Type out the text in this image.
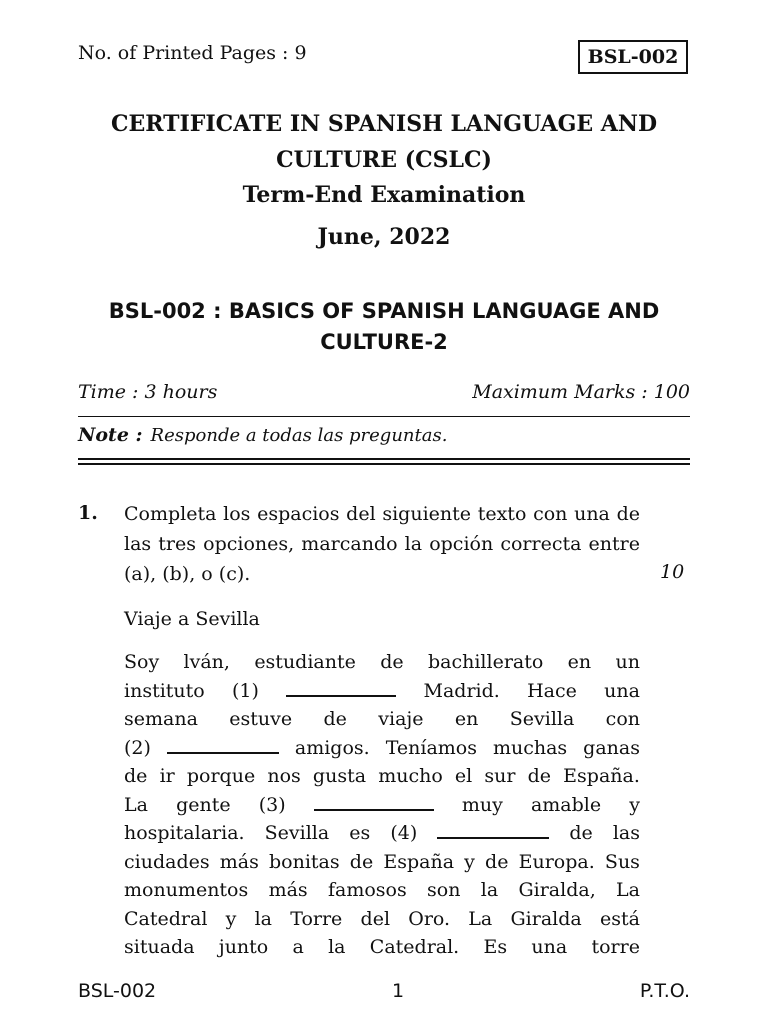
No. of Printed Pages : 9	BSL-002
CERTIFICATE IN SPANISH LANGUAGE AND CULTURE (CSLC)
Term-End Examination
June, 2022
BSL-002 : BASICS OF SPANISH LANGUAGE AND CULTURE-2
Time : 3 hours	Maximum Marks : 100
Note : Responde a todas las preguntas.
1. Completa los espacios del siguiente texto con una de las tres opciones, marcando la opción correcta entre (a), (b), o (c).	10
Viaje a Sevilla
Soy lván, estudiante de bachillerato en un
instituto (1)	Madrid. Hace una
semana estuve de viaje en Sevilla con
(2)	amigos. Teníamos muchas ganas
de ir porque nos gusta mucho el sur de España.
La gente (3)	muy amable y
hospitalaria. Sevilla es (4)	de las
ciudades más bonitas de España y de Europa. Sus
monumentos más famosos son la Giralda, La
Catedral y la Torre del Oro. La Giralda está
situada junto a la Catedral. Es una torre
BSL-002	1	P.T.O.
